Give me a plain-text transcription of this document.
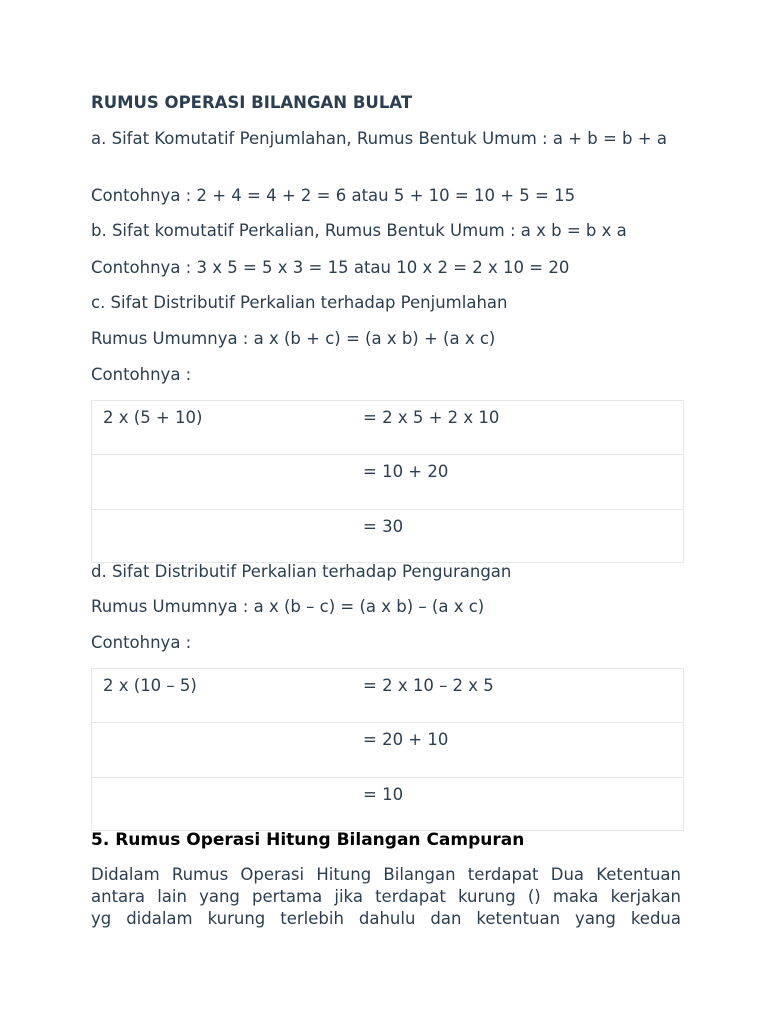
RUMUS OPERASI BILANGAN BULAT
a. Sifat Komutatif Penjumlahan, Rumus Bentuk Umum : a + b = b + a
Contohnya : 2 + 4 = 4 + 2 = 6 atau 5 + 10 = 10 + 5 = 15
b. Sifat komutatif Perkalian, Rumus Bentuk Umum : a x b = b x a
Contohnya : 3 x 5 = 5 x 3 = 15 atau 10 x 2 = 2 x 10 = 20
c. Sifat Distributif Perkalian terhadap Penjumlahan
Rumus Umumnya : a x (b + c) = (a x b) + (a x c)
Contohnya :
2 x (5 + 10)	= 2 x 5 + 2 x 10
= 10 + 20
= 30
d. Sifat Distributif Perkalian terhadap Pengurangan
Rumus Umumnya : a x (b – c) = (a x b) – (a x c)
Contohnya :
2 x (10 – 5)	= 2 x 10 – 2 x 5
= 20 + 10
= 10
5. Rumus Operasi Hitung Bilangan Campuran
Didalam Rumus Operasi Hitung Bilangan terdapat Dua Ketentuan
antara lain yang pertama jika terdapat kurung () maka kerjakan
yg didalam kurung terlebih dahulu dan ketentuan yang kedua
